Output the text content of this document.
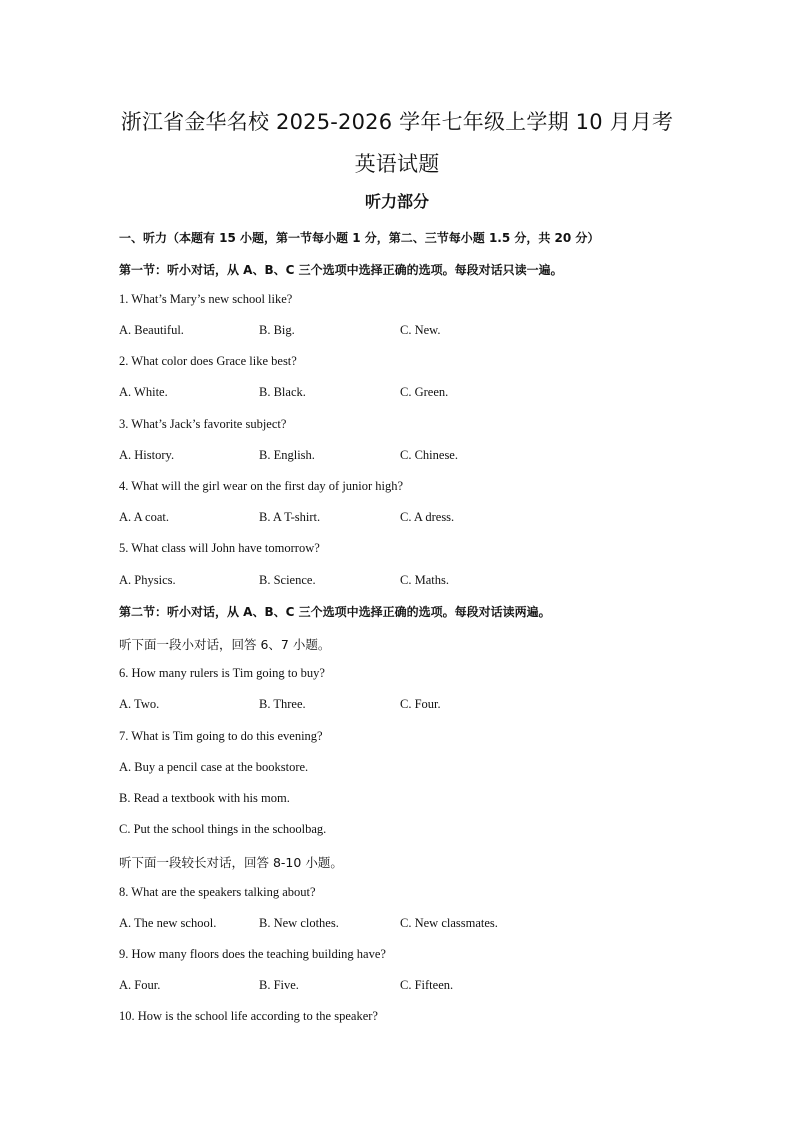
浙江省金华名校 2025-2026 学年七年级上学期 10 月月考
英语试题
听力部分
一、听力（本题有 15 小题，第一节每小题 1 分，第二、三节每小题 1.5 分，共 20 分）
第一节：听小对话，从 A、B、C 三个选项中选择正确的选项。每段对话只读一遍。
1. What’s Mary’s new school like?
A. Beautiful.	B. Big.	C. New.
2. What color does Grace like best?
A. White.	B. Black.	C. Green.
3. What’s Jack’s favorite subject?
A. History.	B. English.	C. Chinese.
4. What will the girl wear on the first day of junior high?
A. A coat.	B. A T-shirt.	C. A dress.
5. What class will John have tomorrow?
A. Physics.	B. Science.	C. Maths.
第二节：听小对话，从 A、B、C 三个选项中选择正确的选项。每段对话读两遍。
听下面一段小对话，回答 6、7 小题。
6. How many rulers is Tim going to buy?
A. Two.	B. Three.	C. Four.
7. What is Tim going to do this evening?
A. Buy a pencil case at the bookstore.
B. Read a textbook with his mom.
C. Put the school things in the schoolbag.
听下面一段较长对话，回答 8-10 小题。
8. What are the speakers talking about?
A. The new school.	B. New clothes.	C. New classmates.
9. How many floors does the teaching building have?
A. Four.	B. Five.	C. Fifteen.
10. How is the school life according to the speaker?
